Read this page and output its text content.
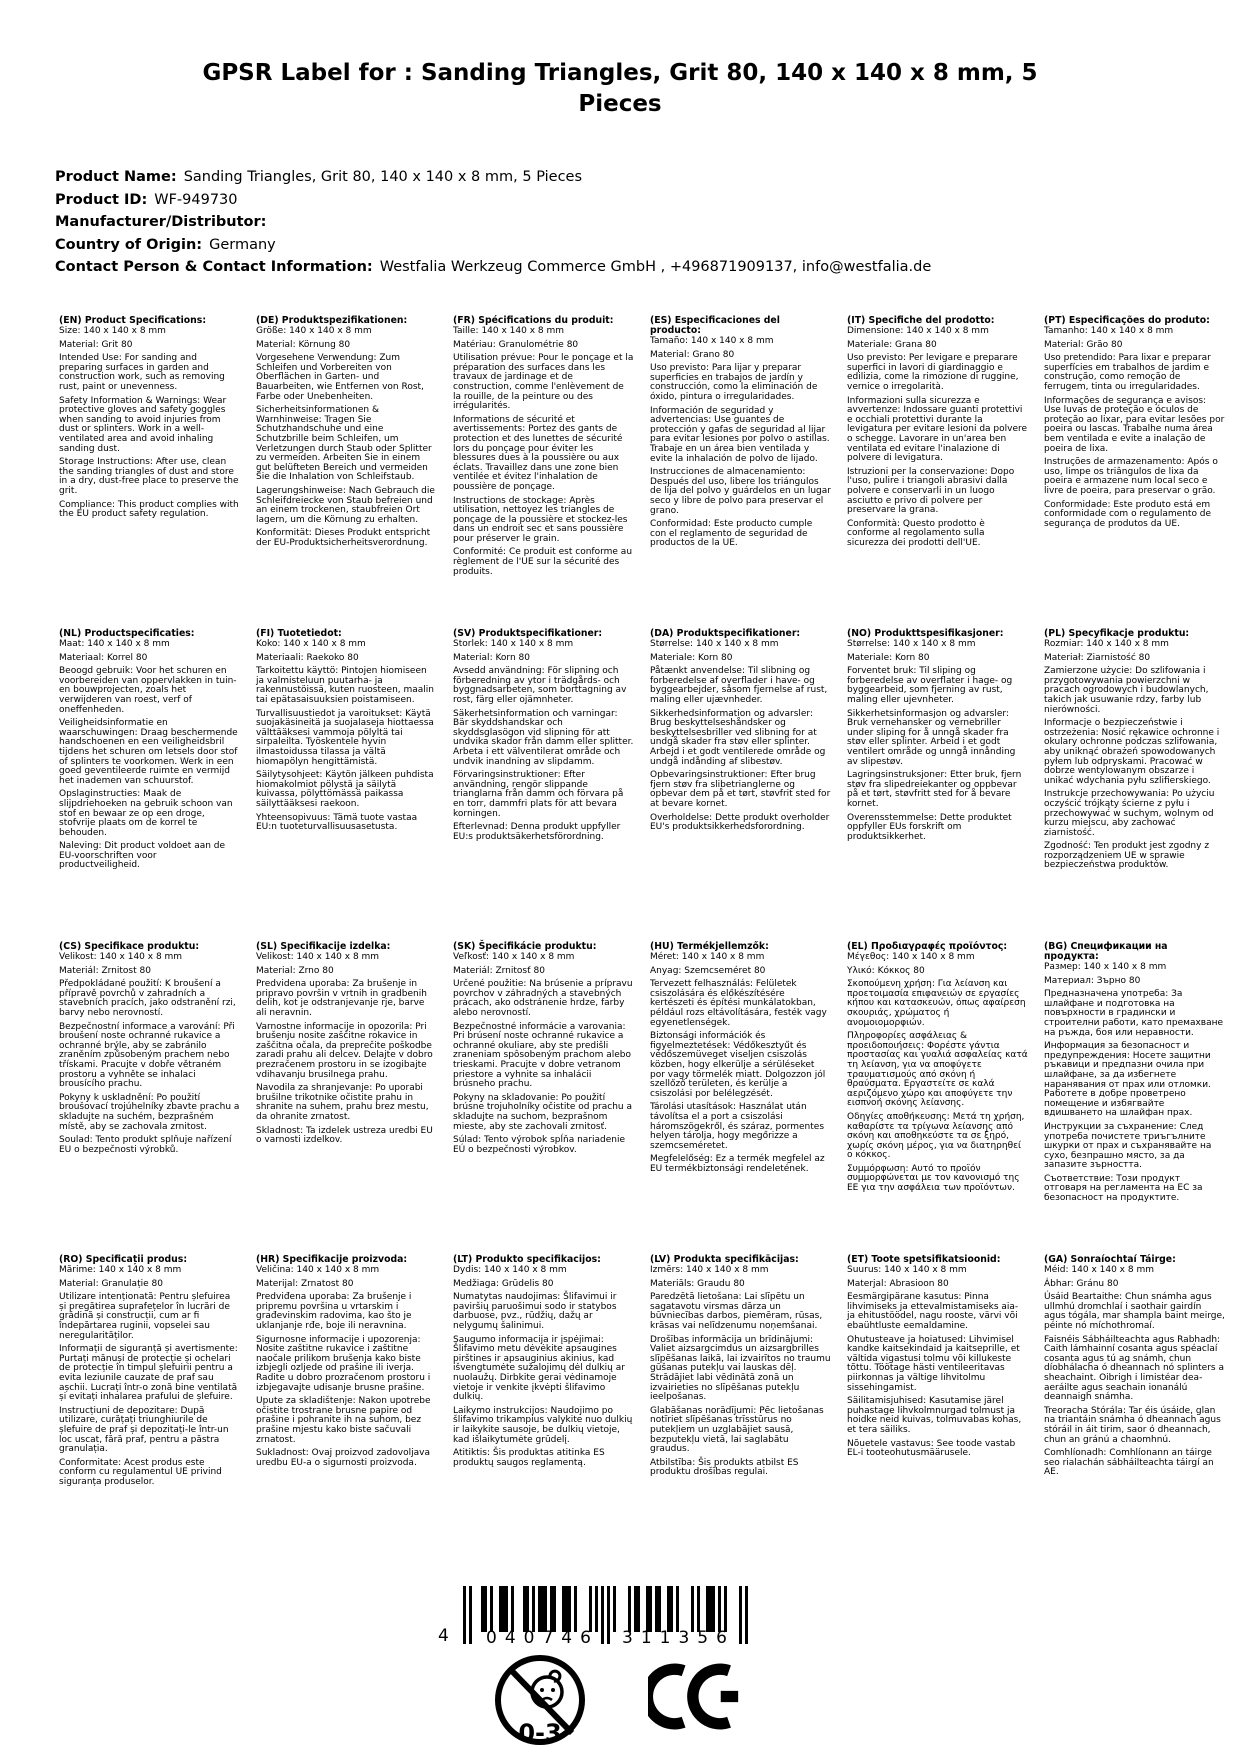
GPSR Label for : Sanding Triangles, Grit 80, 140 x 140 x 8 mm, 5 Pieces
Product Name: Sanding Triangles, Grit 80, 140 x 140 x 8 mm, 5 Pieces
Product ID: WF-949730
Manufacturer/Distributor:
Country of Origin: Germany
Contact Person & Contact Information: Westfalia Werkzeug Commerce GmbH , +496871909137, info@westfalia.de
(EN) Product Specifications:

Size: 140 x 140 x 8 mm

Material: Grit 80

Intended Use: For sanding and preparing surfaces in garden and construction work, such as removing rust, paint or unevenness.

Safety Information & Warnings: Wear protective gloves and safety goggles when sanding to avoid injuries from dust or splinters. Work in a well-ventilated area and avoid inhaling sanding dust.

Storage Instructions: After use, clean the sanding triangles of dust and store in a dry, dust-free place to preserve the grit.

Compliance: This product complies with the EU product safety regulation.

(DE) Produktspezifikationen:

Größe: 140 x 140 x 8 mm

Material: Körnung 80

Vorgesehene Verwendung: Zum Schleifen und Vorbereiten von Oberflächen in Garten- und Bauarbeiten, wie Entfernen von Rost, Farbe oder Unebenheiten.

Sicherheitsinformationen & Warnhinweise: Tragen Sie Schutzhandschuhe und eine Schutzbrille beim Schleifen, um Verletzungen durch Staub oder Splitter zu vermeiden. Arbeiten Sie in einem gut belüfteten Bereich und vermeiden Sie die Inhalation von Schleifstaub.

Lagerungshinweise: Nach Gebrauch die Schleifdreiecke von Staub befreien und an einem trockenen, staubfreien Ort lagern, um die Körnung zu erhalten.

Konformität: Dieses Produkt entspricht der EU-Produktsicherheitsverordnung.

(FR) Spécifications du produit:

Taille: 140 x 140 x 8 mm

Matériau: Granulométrie 80

Utilisation prévue: Pour le ponçage et la préparation des surfaces dans les travaux de jardinage et de construction, comme l'enlèvement de la rouille, de la peinture ou des irrégularités.

Informations de sécurité et avertissements: Portez des gants de protection et des lunettes de sécurité lors du ponçage pour éviter les blessures dues à la poussière ou aux éclats. Travaillez dans une zone bien ventilée et évitez l'inhalation de poussière de ponçage.

Instructions de stockage: Après utilisation, nettoyez les triangles de ponçage de la poussière et stockez-les dans un endroit sec et sans poussière pour préserver le grain.

Conformité: Ce produit est conforme au règlement de l'UE sur la sécurité des produits.

(ES) Especificaciones del producto:

Tamaño: 140 x 140 x 8 mm

Material: Grano 80

Uso previsto: Para lijar y preparar superficies en trabajos de jardín y construcción, como la eliminación de óxido, pintura o irregularidades.

Información de seguridad y advertencias: Use guantes de protección y gafas de seguridad al lijar para evitar lesiones por polvo o astillas. Trabaje en un área bien ventilada y evite la inhalación de polvo de lijado.

Instrucciones de almacenamiento: Después del uso, libere los triángulos de lija del polvo y guárdelos en un lugar seco y libre de polvo para preservar el grano.

Conformidad: Este producto cumple con el reglamento de seguridad de productos de la UE.

(IT) Specifiche del prodotto:

Dimensione: 140 x 140 x 8 mm

Materiale: Grana 80

Uso previsto: Per levigare e preparare superfici in lavori di giardinaggio e edilizia, come la rimozione di ruggine, vernice o irregolarità.

Informazioni sulla sicurezza e avvertenze: Indossare guanti protettivi e occhiali protettivi durante la levigatura per evitare lesioni da polvere o schegge. Lavorare in un'area ben ventilata ed evitare l'inalazione di polvere di levigatura.

Istruzioni per la conservazione: Dopo l'uso, pulire i triangoli abrasivi dalla polvere e conservarli in un luogo asciutto e privo di polvere per preservare la grana.

Conformità: Questo prodotto è conforme al regolamento sulla sicurezza dei prodotti dell'UE.

(PT) Especificações do produto:

Tamanho: 140 x 140 x 8 mm

Material: Grão 80

Uso pretendido: Para lixar e preparar superfícies em trabalhos de jardim e construção, como remoção de ferrugem, tinta ou irregularidades.

Informações de segurança e avisos: Use luvas de proteção e óculos de proteção ao lixar, para evitar lesões por poeira ou lascas. Trabalhe numa área bem ventilada e evite a inalação de poeira de lixa.

Instruções de armazenamento: Após o uso, limpe os triângulos de lixa da poeira e armazene num local seco e livre de poeira, para preservar o grão.

Conformidade: Este produto está em conformidade com o regulamento de segurança de produtos da UE.

(NL) Productspecificaties:

Maat: 140 x 140 x 8 mm

Materiaal: Korrel 80

Beoogd gebruik: Voor het schuren en voorbereiden van oppervlakken in tuin- en bouwprojecten, zoals het verwijderen van roest, verf of oneffenheden.

Veiligheidsinformatie en waarschuwingen: Draag beschermende handschoenen en een veiligheidsbril tijdens het schuren om letsels door stof of splinters te voorkomen. Werk in een goed geventileerde ruimte en vermijd het inademen van schuurstof.

Opslaginstructies: Maak de slijpdriehoeken na gebruik schoon van stof en bewaar ze op een droge, stofvrije plaats om de korrel te behouden.

Naleving: Dit product voldoet aan de EU-voorschriften voor productveiligheid.

(FI) Tuotetiedot:

Koko: 140 x 140 x 8 mm

Materiaali: Raekoko 80

Tarkoitettu käyttö: Pintojen hiomiseen ja valmisteluun puutarha- ja rakennustöissä, kuten ruosteen, maalin tai epätasaisuuksien poistamiseen.

Turvallisuustiedot ja varoitukset: Käytä suojakäsineitä ja suojalaseja hiottaessa välttääksesi vammoja pölyltä tai sirpaleilta. Työskentele hyvin ilmastoidussa tilassa ja vältä hiomapölyn hengittämistä.

Säilytysohjeet: Käytön jälkeen puhdista hiomakolmiot pölystä ja säilytä kuivassa, pölyttömässä paikassa säilyttääksesi raekoon.

Yhteensopivuus: Tämä tuote vastaa EU:n tuoteturvallisuusasetusta.

(SV) Produktspecifikationer:

Storlek: 140 x 140 x 8 mm

Material: Korn 80

Avsedd användning: För slipning och förberedning av ytor i trädgårds- och byggnadsarbeten, som borttagning av rost, färg eller ojämnheter.

Säkerhetsinformation och varningar: Bär skyddshandskar och skyddsglasögon vid slipning för att undvika skador från damm eller splitter. Arbeta i ett välventilerat område och undvik inandning av slipdamm.

Förvaringsinstruktioner: Efter användning, rengör slippande trianglarna från damm och förvara på en torr, dammfri plats för att bevara korningen.

Efterlevnad: Denna produkt uppfyller EU:s produktsäkerhetsförordning.

(DA) Produktspecifikationer:

Størrelse: 140 x 140 x 8 mm

Materiale: Korn 80

Påtænkt anvendelse: Til slibning og forberedelse af overflader i have- og byggearbejder, såsom fjernelse af rust, maling eller ujævnheder.

Sikkerhedsinformation og advarsler: Brug beskyttelseshåndsker og beskyttelsesbriller ved slibning for at undgå skader fra støv eller splinter. Arbejd i et godt ventilerede område og undgå indånding af slibestøv.

Opbevaringsinstruktioner: Efter brug fjern støv fra slibetrianglerne og opbevar dem på et tørt, støvfrit sted for at bevare kornet.

Overholdelse: Dette produkt overholder EU's produktsikkerhedsforordning.

(NO) Produkttspesifikasjoner:

Størrelse: 140 x 140 x 8 mm

Materiale: Korn 80

Forventet bruk: Til sliping og forberedelse av overflater i hage- og byggearbeid, som fjerning av rust, maling eller ujevnheter.

Sikkerhetsinformasjon og advarsler: Bruk vernehansker og vernebriller under sliping for å unngå skader fra støv eller splinter. Arbeid i et godt ventilert område og unngå innånding av slipestøv.

Lagringsinstruksjoner: Etter bruk, fjern støv fra slipedreiekanter og oppbevar på et tørt, støvfritt sted for å bevare kornet.

Overensstemmelse: Dette produktet oppfyller EUs forskrift om produktsikkerhet.

(PL) Specyfikacje produktu:

Rozmiar: 140 x 140 x 8 mm

Materiał: Ziarnistość 80

Zamierzone użycie: Do szlifowania i przygotowywania powierzchni w pracach ogrodowych i budowlanych, takich jak usuwanie rdzy, farby lub nierówności.

Informacje o bezpieczeństwie i ostrzeżenia: Nosić rękawice ochronne i okulary ochronne podczas szlifowania, aby uniknąć obrażeń spowodowanych pyłem lub odpryskami. Pracować w dobrze wentylowanym obszarze i unikać wdychania pyłu szlifierskiego.

Instrukcje przechowywania: Po użyciu oczyścić trójkąty ścierne z pyłu i przechowywać w suchym, wolnym od kurzu miejscu, aby zachować ziarnistość.

Zgodność: Ten produkt jest zgodny z rozporządzeniem UE w sprawie bezpieczeństwa produktów.

(CS) Specifikace produktu:

Velikost: 140 x 140 x 8 mm

Materiál: Zrnitost 80

Předpokládané použití: K broušení a přípravě povrchů v zahradních a stavebních pracích, jako odstranění rzi, barvy nebo nerovností.

Bezpečnostní informace a varování: Při broušení noste ochranné rukavice a ochranné brýle, aby se zabránilo zraněním způsobeným prachem nebo třískami. Pracujte v dobře větraném prostoru a vyhněte se inhalaci brousícího prachu.

Pokyny k uskladnění: Po použití broušovací trojúhelníky zbavte prachu a skladujte na suchém, bezprašném místě, aby se zachovala zrnitost.

Soulad: Tento produkt splňuje nařízení EU o bezpečnosti výrobků.

(SL) Specifikacije izdelka:

Velikost: 140 x 140 x 8 mm

Material: Zrno 80

Predvidena uporaba: Za brušenje in pripravo površin v vrtnih in gradbenih delih, kot je odstranjevanje rje, barve ali neravnin.

Varnostne informacije in opozorila: Pri brušenju nosite zaščitne rokavice in zaščitna očala, da preprečite poškodbe zaradi prahu ali delcev. Delajte v dobro prezračenem prostoru in se izogibajte vdihavanju brusilnega prahu.

Navodila za shranjevanje: Po uporabi brušilne trikotnike očistite prahu in shranite na suhem, prahu brez mestu, da ohranite zrnatost.

Skladnost: Ta izdelek ustreza uredbi EU o varnosti izdelkov.

(SK) Špecifikácie produktu:

Veľkosť: 140 x 140 x 8 mm

Materiál: Zrnitosť 80

Určené použitie: Na brúsenie a prípravu povrchov v záhradných a stavebných prácach, ako odstránenie hrdze, farby alebo nerovností.

Bezpečnostné informácie a varovania: Pri brúsení noste ochranné rukavice a ochranné okuliare, aby ste predišli zraneniam spôsobeným prachom alebo trieskami. Pracujte v dobre vetranom priestore a vyhnite sa inhalácii brúsneho prachu.

Pokyny na skladovanie: Po použití brúsne trojuholníky očistite od prachu a skladujte na suchom, bezprašnom mieste, aby ste zachovali zrnitosť.

Súlad: Tento výrobok spĺňa nariadenie EÚ o bezpečnosti výrobkov.

(HU) Termékjellemzők:

Méret: 140 x 140 x 8 mm

Anyag: Szemcseméret 80

Tervezett felhasználás: Felületek csiszolására és előkészítésére kertészeti és építési munkálatokban, például rozs eltávolítására, festék vagy egyenetlenségek.

Biztonsági információk és figyelmeztetések: Védőkesztyűt és védőszemüveget viseljen csiszolás közben, hogy elkerülje a sérüléseket por vagy törmelék miatt. Dolgozzon jól szellőző területen, és kerülje a csiszolási por belélegzését.

Tárolási utasítások: Használat után távolítsa el a port a csiszolási háromszögekről, és száraz, pormentes helyen tárolja, hogy megőrizze a szemcseméretet.

Megfelelőség: Ez a termék megfelel az EU termékbiztonsági rendeletének.

(EL) Προδιαγραφές προϊόντος:

Μέγεθος: 140 x 140 x 8 mm

Υλικό: Κόκκος 80

Σκοπούμενη χρήση: Για λείανση και προετοιμασία επιφανειών σε εργασίες κήπου και κατασκευών, όπως αφαίρεση σκουριάς, χρώματος ή ανομοιομορφιών.

Πληροφορίες ασφάλειας & προειδοποιήσεις: Φορέστε γάντια προστασίας και γυαλιά ασφαλείας κατά τη λείανση, για να αποφύγετε τραυματισμούς από σκόνη ή θραύσματα. Εργαστείτε σε καλά αεριζόμενο χώρο και αποφύγετε την εισπνοή σκόνης λείανσης.

Οδηγίες αποθήκευσης: Μετά τη χρήση, καθαρίστε τα τρίγωνα λείανσης από σκόνη και αποθηκεύστε τα σε ξηρό, χωρίς σκόνη μέρος, για να διατηρηθεί ο κόκκος.

Συμμόρφωση: Αυτό το προϊόν συμμορφώνεται με τον κανονισμό της ΕΕ για την ασφάλεια των προϊόντων.

(BG) Спецификации на продукта:

Размер: 140 x 140 x 8 mm

Материал: Зърно 80

Предназначена употреба: За шлайфане и подготовка на повърхности в градински и строителни работи, като премахване на ръжда, боя или неравности.

Информация за безопасност и предупреждения: Носете защитни ръкавици и предпазни очила при шлайфане, за да избегнете наранявания от прах или отломки. Работете в добре проветрено помещение и избягвайте вдишването на шлайфан прах.

Инструкции за съхранение: След употреба почистете триъгълните шкурки от прах и съхранявайте на сухо, безпрашно място, за да запазите зърността.

Съответствие: Този продукт отговаря на регламента на ЕС за безопасност на продуктите.

(RO) Specificații produs:

Mărime: 140 x 140 x 8 mm

Material: Granulație 80

Utilizare intenționată: Pentru șlefuirea și pregătirea suprafețelor în lucrări de grădină și construcții, cum ar fi îndepărtarea ruginii, vopselei sau neregularităților.

Informații de siguranță și avertismente: Purtați mănuși de protecție și ochelari de protecție în timpul șlefuirii pentru a evita leziunile cauzate de praf sau așchii. Lucrați într-o zonă bine ventilată și evitați inhalarea prafului de șlefuire.

Instrucțiuni de depozitare: După utilizare, curățați triunghiurile de șlefuire de praf și depozitați-le într-un loc uscat, fără praf, pentru a păstra granulația.

Conformitate: Acest produs este conform cu regulamentul UE privind siguranța produselor.

(HR) Specifikacije proizvoda:

Veličina: 140 x 140 x 8 mm

Materijal: Zrnatost 80

Predviđena uporaba: Za brušenje i pripremu površina u vrtarskim i građevinskim radovima, kao što je uklanjanje rđe, boje ili neravnina.

Sigurnosne informacije i upozorenja: Nosite zaštitne rukavice i zaštitne naočale prilikom brušenja kako biste izbjegli ozljede od prašine ili iverja. Radite u dobro prozračenom prostoru i izbjegavajte udisanje brusne prašine.

Upute za skladištenje: Nakon upotrebe očistite trostrane brusne papire od prašine i pohranite ih na suhom, bez prašine mjestu kako biste sačuvali zrnatost.

Sukladnost: Ovaj proizvod zadovoljava uredbu EU-a o sigurnosti proizvoda.

(LT) Produkto specifikacijos:

Dydis: 140 x 140 x 8 mm

Medžiaga: Grūdelis 80

Numatytas naudojimas: Šlifavimui ir paviršių paruošimui sodo ir statybos darbuose, pvz., rūdžių, dažų ar nelygumų šalinimui.

Saugumo informacija ir įspėjimai: Šlifavimo metu dėvėkite apsaugines pirštines ir apsauginius akinius, kad išvengtumėte sužalojimų dėl dulkių ar nuolaužų. Dirbkite gerai vėdinamoje vietoje ir venkite įkvėpti šlifavimo dulkių.

Laikymo instrukcijos: Naudojimo po šlifavimo trikampius valykite nuo dulkių ir laikykite sausoje, be dulkių vietoje, kad išlaikytumėte grūdelį.

Atitiktis: Šis produktas atitinka ES produktų saugos reglamentą.

(LV) Produkta specifikācijas:

Izmērs: 140 x 140 x 8 mm

Materiāls: Graudu 80

Paredzētā lietošana: Lai slīpētu un sagatavotu virsmas dārza un būvniecības darbos, piemēram, rūsas, krāsas vai nelīdzenumu noņemšanai.

Drošības informācija un brīdinājumi: Valiet aizsargcimdus un aizsargbrilles slīpēšanas laikā, lai izvairītos no traumu gūšanas putekļu vai lauskas dēļ. Strādājiet labi vēdinātā zonā un izvairieties no slīpēšanas putekļu ieelpošanas.

Glabāšanas norādījumi: Pēc lietošanas notīriet slīpēšanas trīsstūrus no putekļiem un uzglabājiet sausā, bezputekļu vietā, lai saglabātu graudus.

Atbilstība: Šis produkts atbilst ES produktu drošības regulai.

(ET) Toote spetsifikatsioonid:

Suurus: 140 x 140 x 8 mm

Materjal: Abrasioon 80

Eesmärgipärane kasutus: Pinna lihvimiseks ja ettevalmistamiseks aia- ja ehitustöödel, nagu rooste, värvi või ebaühtluste eemaldamine.

Ohutusteave ja hoiatused: Lihvimisel kandke kaitsekindaid ja kaitseprille, et vältida vigastusi tolmu või killukeste tõttu. Töötage hästi ventileeritavas piirkonnas ja vältige lihvitolmu sissehingamist.

Säilitamisjuhised: Kasutamise järel puhastage lihvkolmnurgad tolmust ja hoidke neid kuivas, tolmuvabas kohas, et tera säiliks.

Nõuetele vastavus: See toode vastab EL-i tooteohutusmäärusele.

(GA) Sonraíochtaí Táirge:

Méid: 140 x 140 x 8 mm

Ábhar: Gránu 80

Úsáid Beartaithe: Chun snámha agus ullmhú dromchlaí i saothair gairdín agus tógála, mar shampla baint meirge, péinte nó míchothromaí.

Faisnéis Sábháilteachta agus Rabhadh: Caith lámhainní cosanta agus spéaclaí cosanta agus tú ag snámh, chun díobhálacha ó dheannach nó splinters a sheachaint. Oibrigh i limistéar dea-aeráilte agus seachain ionanálú deannaigh snámha.

Treoracha Stórála: Tar éis úsáide, glan na triantáin snámha ó dheannach agus stóráil in áit tirim, saor ó dheannach, chun an gránú a chaomhnú.

Comhlíonadh: Comhlíonann an táirge seo rialachán sábháilteachta táirgí an AE.

4 040746 311356
0-3
